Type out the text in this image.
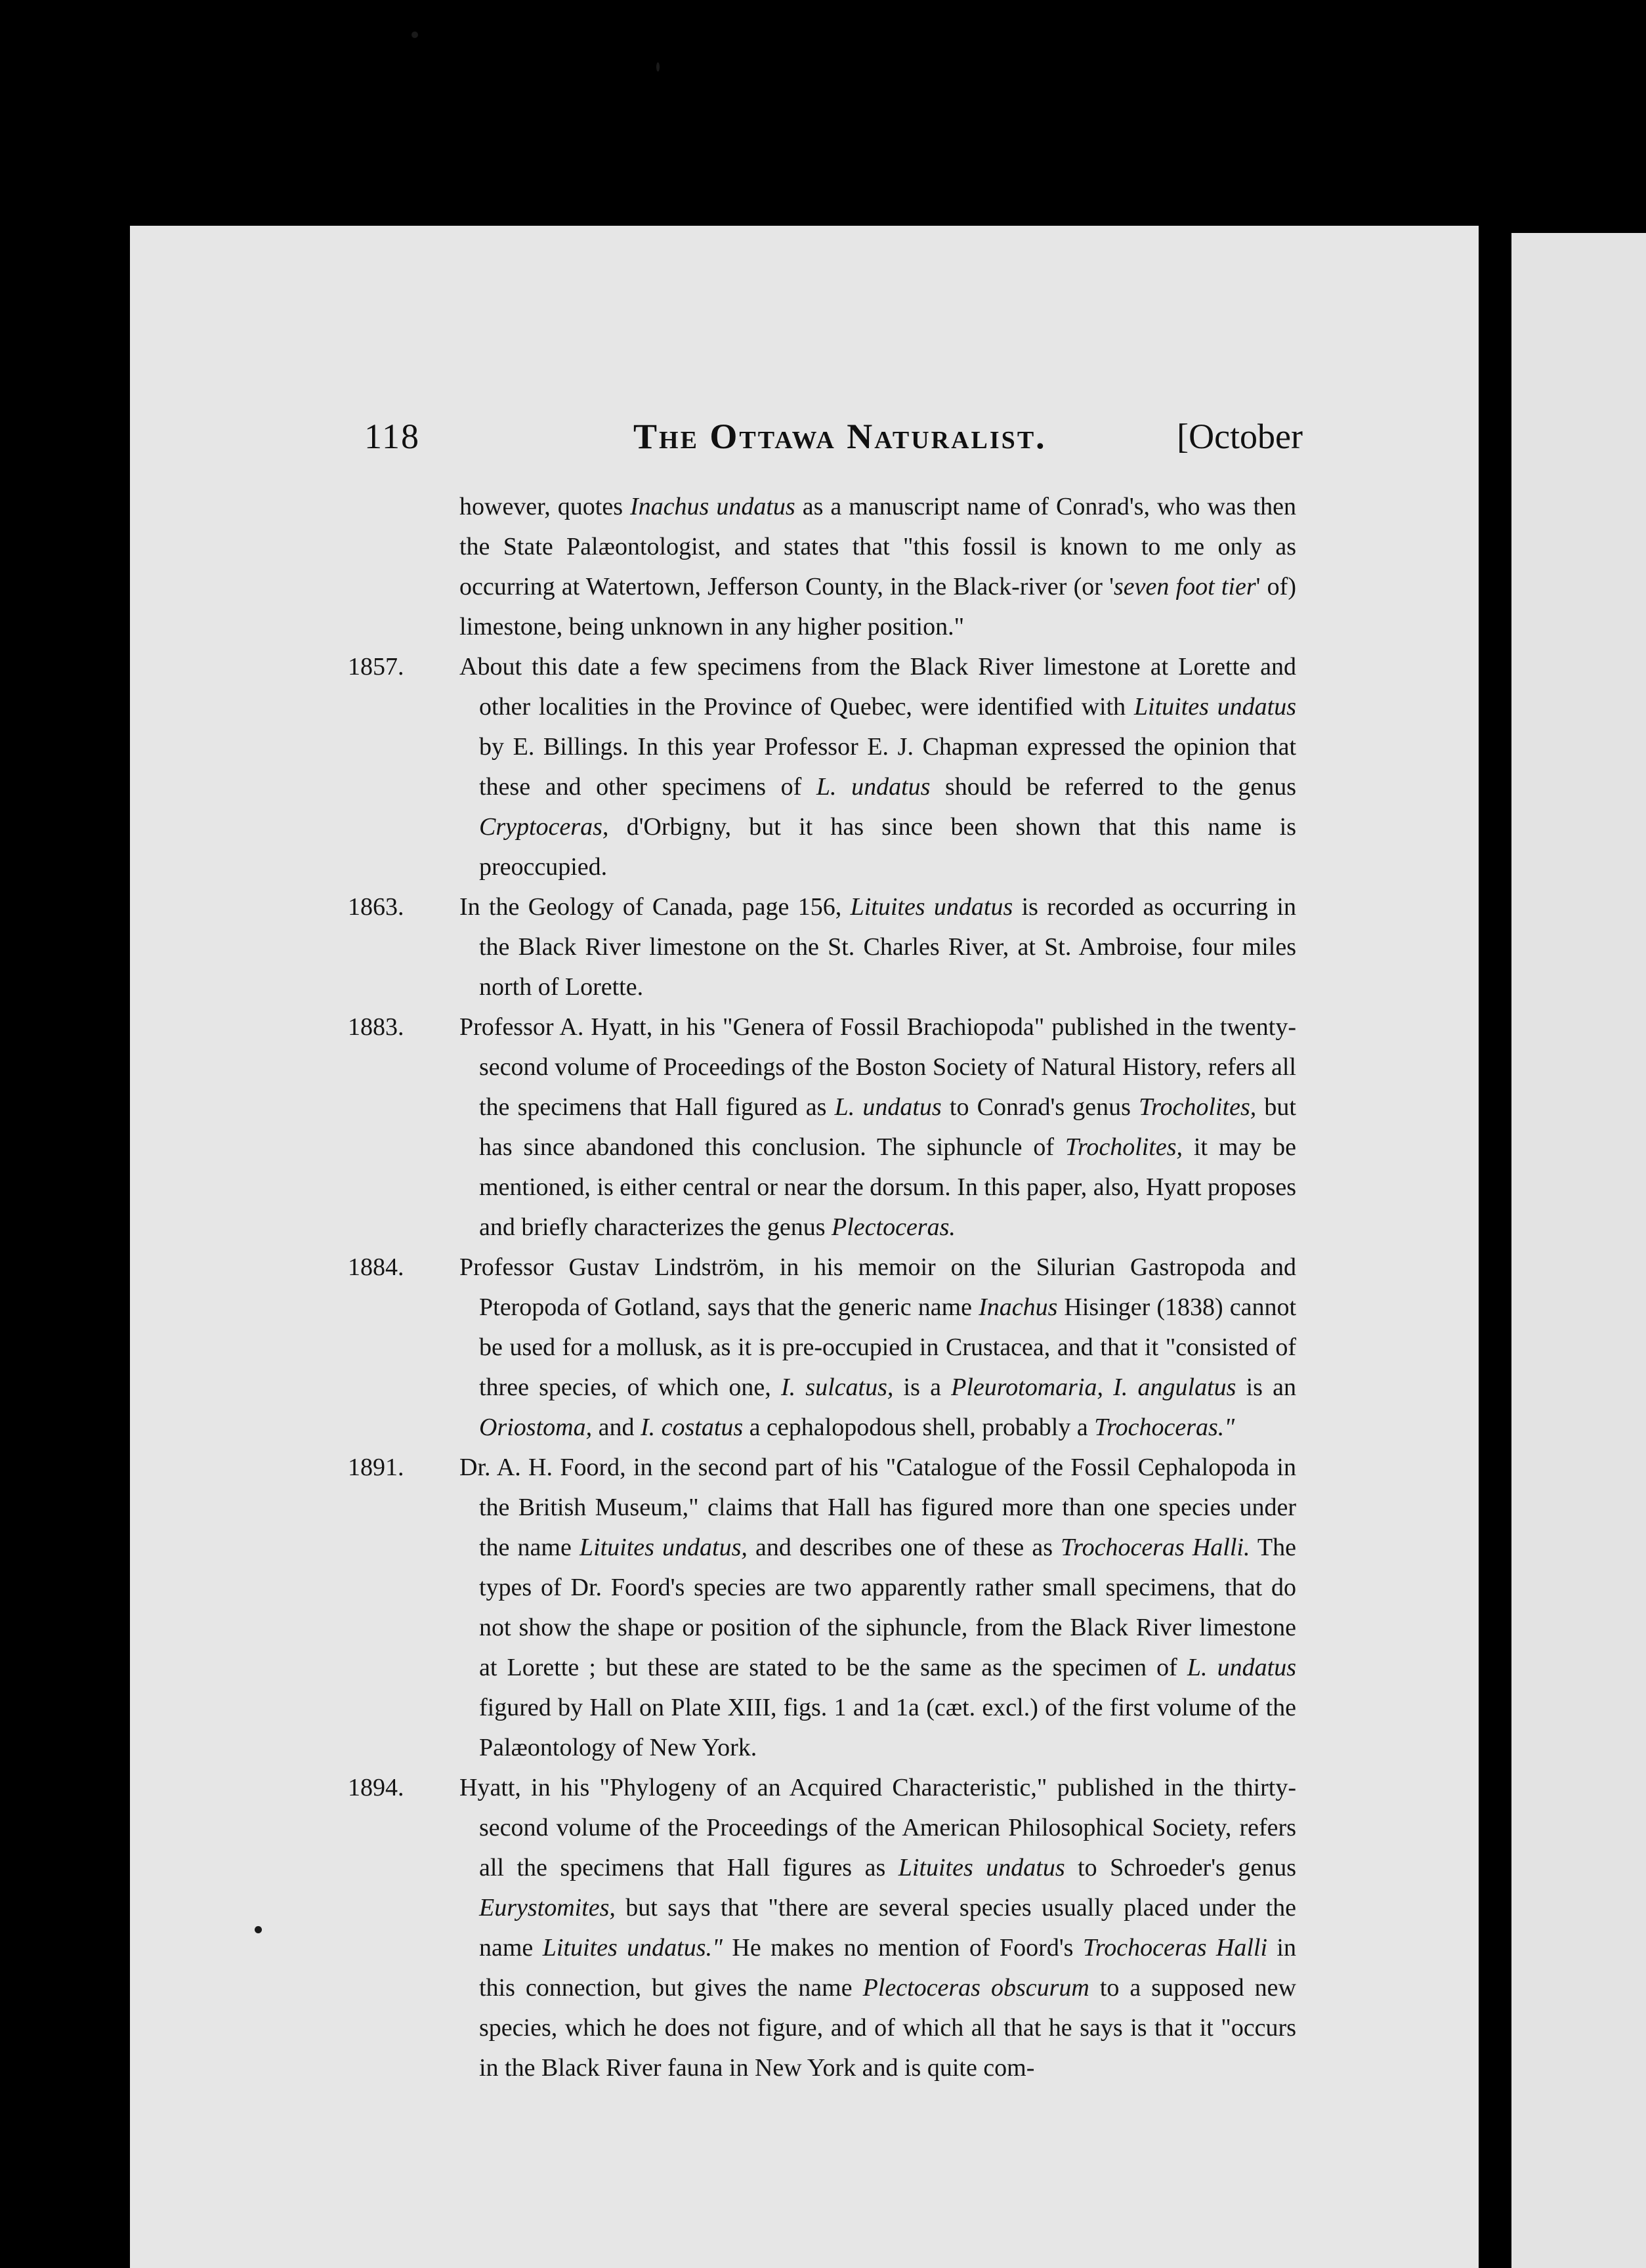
118	The Ottawa Naturalist.	[October

however, quotes Inachus undatus as a manuscript name of Conrad's, who was then the State Palæontologist, and states that "this fossil is known to me only as occurring at Watertown, Jefferson County, in the Black-river (or 'seven foot tier' of) limestone, being unknown in any higher position."

1857.	About this date a few specimens from the Black River limestone at Lorette and other localities in the Province of Quebec, were identified with Lituites undatus by E. Billings. In this year Professor E. J. Chapman expressed the opinion that these and other specimens of L. undatus should be referred to the genus Cryptoceras, d'Orbigny, but it has since been shown that this name is preoccupied.

1863.	In the Geology of Canada, page 156, Lituites undatus is recorded as occurring in the Black River limestone on the St. Charles River, at St. Ambroise, four miles north of Lorette.

1883.	Professor A. Hyatt, in his "Genera of Fossil Brachiopoda" published in the twenty-second volume of Proceedings of the Boston Society of Natural History, refers all the specimens that Hall figured as L. undatus to Conrad's genus Trocholites, but has since abandoned this conclusion. The siphuncle of Trocholites, it may be mentioned, is either central or near the dorsum. In this paper, also, Hyatt proposes and briefly characterizes the genus Plectoceras.

1884.	Professor Gustav Lindström, in his memoir on the Silurian Gastropoda and Pteropoda of Gotland, says that the generic name Inachus Hisinger (1838) cannot be used for a mollusk, as it is pre-occupied in Crustacea, and that it "consisted of three species, of which one, I. sulcatus, is a Pleurotomaria, I. angulatus is an Oriostoma, and I. costatus a cephalopodous shell, probably a Trochoceras."

1891.	Dr. A. H. Foord, in the second part of his "Catalogue of the Fossil Cephalopoda in the British Museum," claims that Hall has figured more than one species under the name Lituites undatus, and describes one of these as Trochoceras Halli. The types of Dr. Foord's species are two apparently rather small specimens, that do not show the shape or position of the siphuncle, from the Black River limestone at Lorette ; but these are stated to be the same as the specimen of L. undatus figured by Hall on Plate XIII, figs. 1 and 1a (cæt. excl.) of the first volume of the Palæontology of New York.

1894.	Hyatt, in his "Phylogeny of an Acquired Characteristic," published in the thirty-second volume of the Proceedings of the American Philosophical Society, refers all the specimens that Hall figures as Lituites undatus to Schroeder's genus Eurystomites, but says that "there are several species usually placed under the name Lituites undatus." He makes no mention of Foord's Trochoceras Halli in this connection, but gives the name Plectoceras obscurum to a supposed new species, which he does not figure, and of which all that he says is that it "occurs in the Black River fauna in New York and is quite com-
